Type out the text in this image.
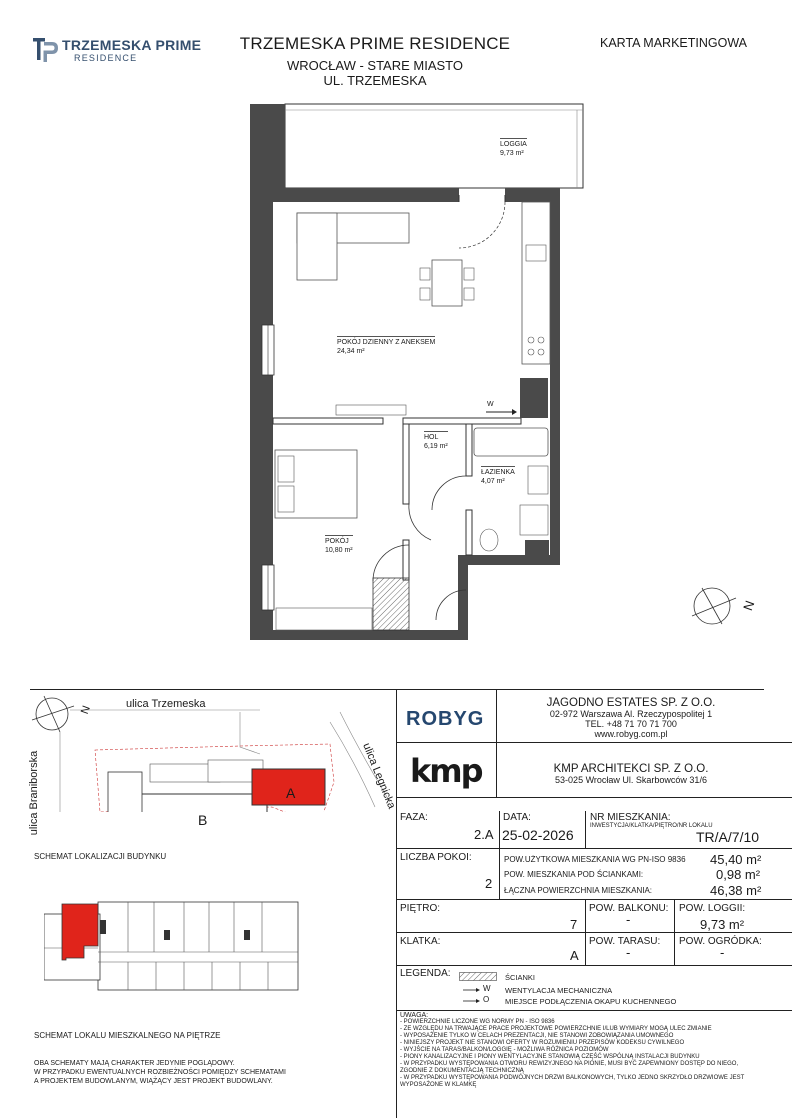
TRZEMESKA PRIME
RESIDENCE
TRZEMESKA PRIME RESIDENCE
WROCŁAW - STARE MIASTO
UL. TRZEMESKA
KARTA MARKETINGOWA
LOGGIA
9,73 m²
POKÓJ DZIENNY Z ANEKSEM
24,34 m²
HOL
6,19 m²
ŁAZIENKA
4,07 m²
POKÓJ
10,80 m²
W
N
ulica Trzemeska
ulica Braniborska	ulica Legnicka
N
A
B
SCHEMAT LOKALIZACJI BUDYNKU
SCHEMAT LOKALU MIESZKALNEGO NA PIĘTRZE
OBA SCHEMATY MAJĄ CHARAKTER JEDYNIE POGLĄDOWY.
W PRZYPADKU EWENTUALNYCH ROZBIEŻNOŚCI POMIĘDZY SCHEMATAMI
A PROJEKTEM BUDOWLANYM, WIĄŻĄCY JEST PROJEKT BUDOWLANY.
ROBYG
JAGODNO ESTATES SP. Z O.O.
02-972 Warszawa Al. Rzeczypospolitej 1
TEL. +48 71 70 71 700
www.robyg.com.pl
kmp	KMP ARCHITEKCI SP. Z O.O.
53-025 Wrocław Ul. Skarbowców 31/6
FAZA:
2.A
DATA:
25-02-2026
NR MIESZKANIA:
INWESTYCJA/KLATKA/PIĘTRO/NR LOKALU
TR/A/7/10
LICZBA POKOI:
2
POW.UŻYTKOWA MIESZKANIA WG PN-ISO 9836 45,40 m²
POW. MIESZKANIA POD ŚCIANKAMI:	0,98 m²
ŁĄCZNA POWIERZCHNIA MIESZKANIA:	46,38 m²
PIĘTRO:
7
POW. BALKONU:
-
POW. LOGGII:
9,73 m²
KLATKA:
A
POW. TARASU:
-
POW. OGRÓDKA:
-
LEGENDA:	ŚCIANKI
W WENTYLACJA MECHANICZNA
O MIEJSCE PODŁĄCZENIA OKAPU KUCHENNEGO
UWAGA:
- POWIERZCHNIE LICZONE WG NORMY PN - ISO 9836
- ZE WZGLĘDU NA TRWAJĄCE PRACE PROJEKTOWE POWIERZCHNIE I/LUB WYMIARY MOGĄ ULEC ZMIANIE
- WYPOSAŻENIE TYLKO W CELACH PREZENTACJI, NIE STANOWI ZOBOWIĄZANIA UMOWNEGO
- NINIEJSZY PROJEKT NIE STANOWI OFERTY W ROZUMIENIU PRZEPISÓW KODEKSU CYWILNEGO
- WYJŚCIE NA TARAS/BALKON/LOGGIĘ - MOŻLIWA RÓŻNICA POZIOMÓW
- PIONY KANALIZACYJNE I PIONY WENTYLACYJNE STANOWIĄ CZĘŚĆ WSPÓLNĄ INSTALACJI BUDYNKU
- W PRZYPADKU WYSTĘPOWANIA OTWORU REWIZYJNEGO NA PIONIE, MUSI BYĆ ZAPEWNIONY DOSTĘP DO NIEGO,
ZGODNIE Z DOKUMENTACJĄ TECHNICZNĄ
- W PRZYPADKU WYSTĘPOWANIA PODWÓJNYCH DRZWI BALKONOWYCH, TYLKO JEDNO SKRZYDŁO DRZWIOWE JEST
WYPOSAŻONE W KLAMKĘ
